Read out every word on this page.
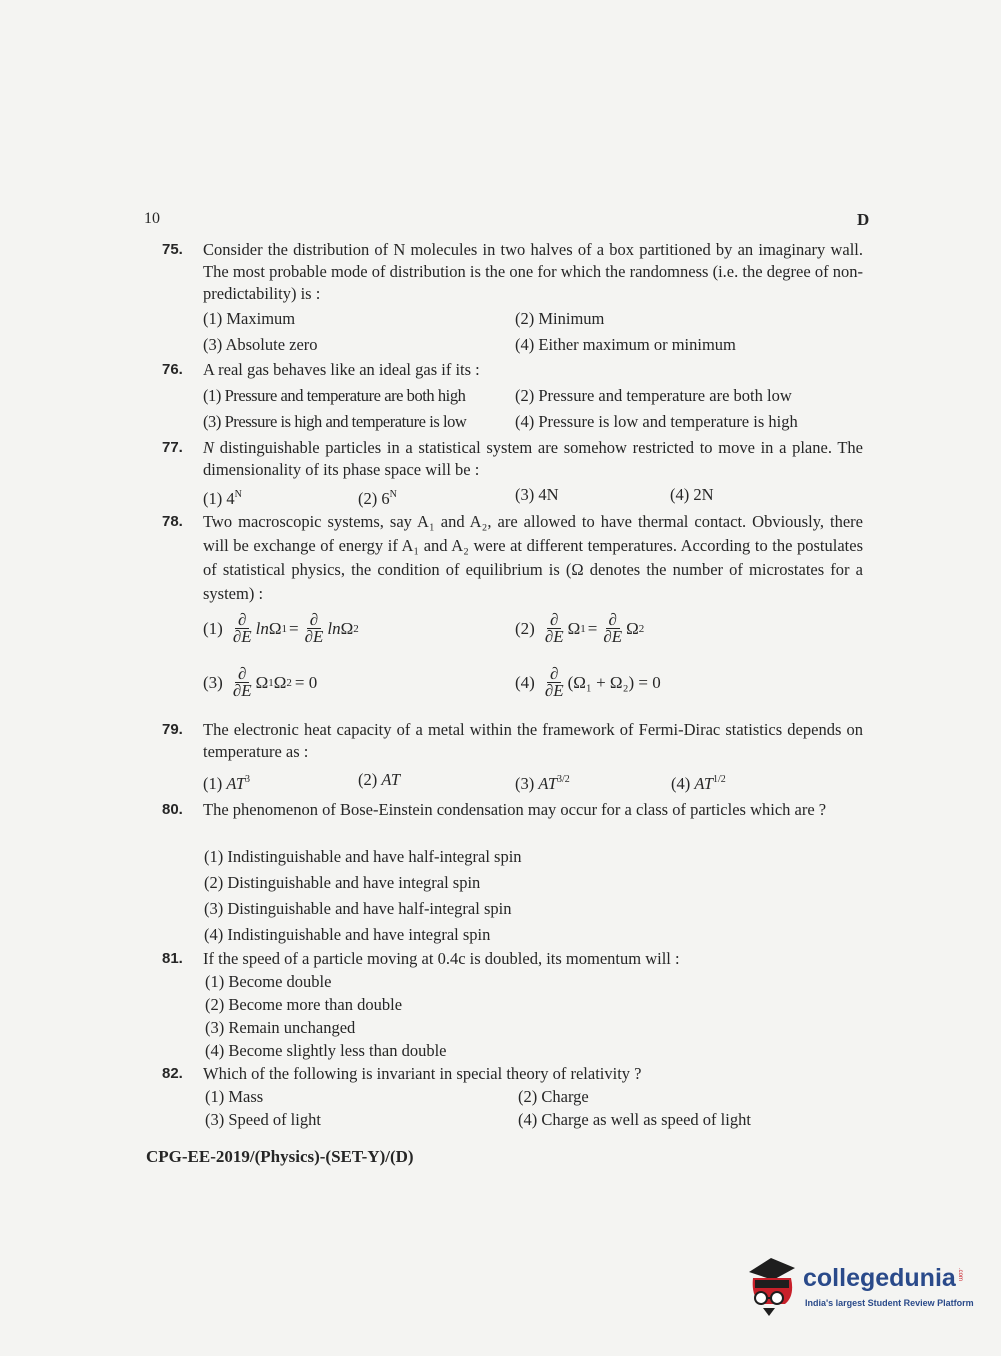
10	D
75. Consider the distribution of N molecules in two halves of a box partitioned by an imaginary wall. The most probable mode of distribution is the one for which the randomness (i.e. the degree of non-predictability) is :
(1) Maximum	(2) Minimum
(3) Absolute zero	(4) Either maximum or minimum
76. A real gas behaves like an ideal gas if its :
(1) Pressure and temperature are both high	(2) Pressure and temperature are both low
(3) Pressure is high and temperature is low	(4) Pressure is low and temperature is high
77. N distinguishable particles in a statistical system are somehow restricted to move in a plane. The dimensionality of its phase space will be :
(1) $4^N$	(2) $6^N$	(3) 4N	(4) 2N
78. Two macroscopic systems, say A₁ and A₂, are allowed to have thermal contact. Obviously, there will be exchange of energy if A₁ and A₂ were at different temperatures. According to the postulates of statistical physics, the condition of equilibrium is (Ω denotes the number of microstates for a system) :
$(1) \frac{\partial}{\partial E}$ ln Ω $1 = \frac{\partial}{\partial E}$ ln Ω 2	$(2) \frac{\partial}{\partial E}$ Ω $1 = \frac{\partial}{\partial E}$ Ω 2
$(3) \frac{\partial}{\partial E}$ Ω 1 Ω 2 = 0	$(4) \frac{\partial}{\partial E} (\Omega_1 + \Omega_2) = 0$
79. The electronic heat capacity of a metal within the framework of Fermi-Dirac statistics depends on temperature as :
(1) $AT^3$	(2) AT	(3) $AT^{3/2}$	(4) $AT^{1/2}$
80. The phenomenon of Bose-Einstein condensation may occur for a class of particles which are ?
(1) Indistinguishable and have half-integral spin
(2) Distinguishable and have integral spin
(3) Distinguishable and have half-integral spin
(4) Indistinguishable and have integral spin
81. If the speed of a particle moving at 0.4c is doubled, its momentum will :
(1) Become double
(2) Become more than double
(3) Remain unchanged
(4) Become slightly less than double
82. Which of the following is invariant in special theory of relativity ?
(1) Mass	(2) Charge
(3) Speed of light	(4) Charge as well as speed of light
CPG-EE-2019/(Physics)-(SET-Y)/(D)
collegedunia .com
India's largest Student Review Platform
